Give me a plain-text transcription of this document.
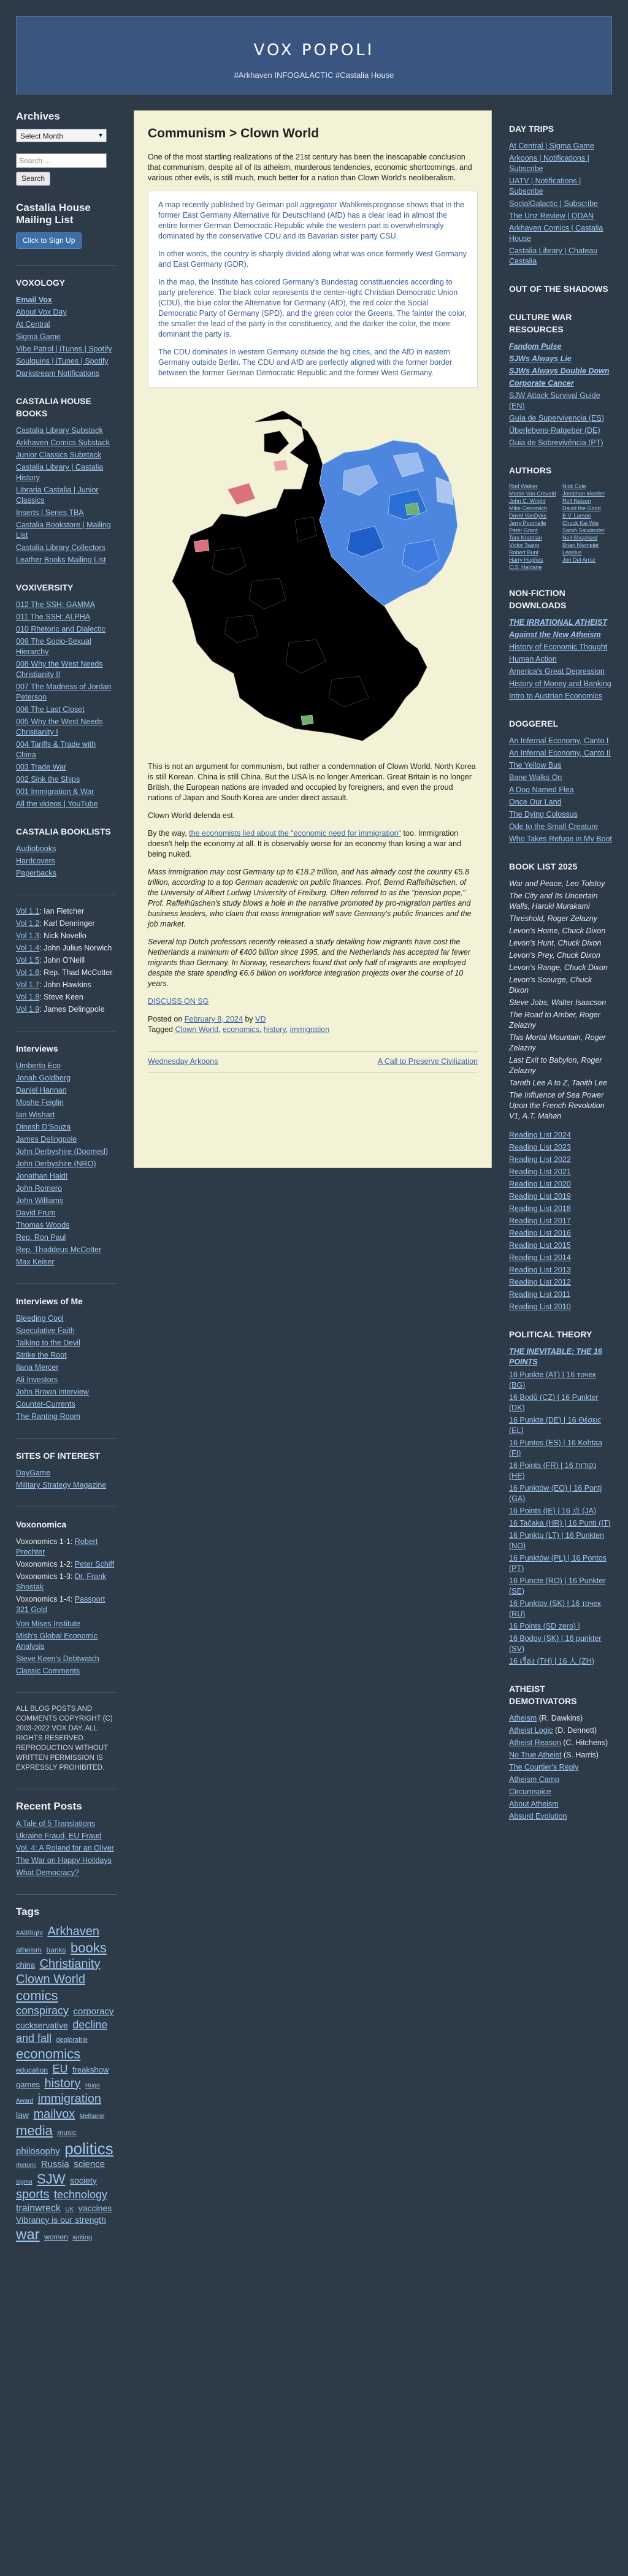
VOX POPOLI
#Arkhaven INFOGALACTIC #Castalia House
Archives
Select Month	▼
Search ...
Search
Castalia House Mailing List
Click to Sign Up
VOXOLOGY
Email Vox
About Vox Day
At Central
Sigma Game
Vibe Patrol | iTunes | Spotify
Soulquins | iTunes | Spotify
Darkstream Notifications
CASTALIA HOUSE BOOKS
Castalia Library Substack
Arkhaven Comics Substack
Junior Classics Substack
Castalia Library | Castalia History
Libraria Castalia | Junior Classics
Inserts | Series TBA
Castalia Bookstore | Mailing List
Castalia Library Collectors
Leather Books Mailing List
VOXIVERSITY
012 The SSH: GAMMA
011 The SSH: ALPHA
010 Rhetoric and Dialectic
009 The Socio-Sexual Hierarchy
008 Why the West Needs Christianity II
007 The Madness of Jordan Peterson
006 The Last Closet
005 Why the West Needs Christianity I
004 Tariffs & Trade with China
003 Trade War
002 Sink the Ships
001 Immigration & War
All the videos | YouTube
CASTALIA BOOKLISTS
Audiobooks
Hardcovers
Paperbacks
Vol 1.1: Ian Fletcher
Vol 1.2: Karl Denninger
Vol 1.3: Nick Novello
Vol 1.4: John Julius Norwich
Vol 1.5: John O'Neill
Vol 1.6: Rep. Thad McCotter
Vol 1.7: John Hawkins
Vol 1.8: Steve Keen
Vol 1.9: James Delingpole
Interviews
Umberto Eco
Jonah Goldberg
Daniel Hannan
Moshe Feiglin
Ian Wishart
Dinesh D'Souza
James Delingpole
John Derbyshire (Doomed)
John Derbyshire (NRO)
Jonathan Haidt
John Romero
John Williams
David Frum
Thomas Woods
Rep. Ron Paul
Rep. Thaddeus McCotter
Max Keiser
Interviews of Me
Bleeding Cool
Speculative Faith
Talking to the Devil
Strike the Root
Ilana Mercer
Ali Investors
John Brown interview
Counter-Currents
The Ranting Room
SITES OF INTEREST
DayGame
Military Strategy Magazine
Voxonomica
Voxonomics 1-1: Robert Prechter
Voxonomics 1-2: Peter Schiff
Voxonomics 1-3: Dr. Frank Shostak
Voxonomics 1-4: Passport 321 Gold
Von Mises Institute
Mish's Global Economic Analysis
Steve Keen's Debtwatch
Classic Comments
ALL BLOG POSTS AND COMMENTS COPYRIGHT (C) 2003-2022 VOX DAY. ALL RIGHTS RESERVED. REPRODUCTION WITHOUT WRITTEN PERMISSION IS EXPRESSLY PROHIBITED.
Recent Posts
A Tale of 5 Translations
Ukraine Fraud, EU Fraud
Vol. 4: A Roland for an Oliver
The War on Happy Holidays
What Democracy?
Tags
#AllRight Arkhaven atheism banks books china Christianity Clown World comics conspiracy corporacy cuckservative decline and fall deplorable economics education EU freakshow games history Hugo Award immigration law mailvox Melhanie media music philosophy politics rhetoric Russia science sigma SJW society sports technology trainwreck UK vaccines Vibrancy is our strength war women writing
Communism > Clown World

One of the most startling realizations of the 21st century has been the inescapable conclusion that communism, despite all of its atheism, murderous tendencies, economic shortcomings, and various other evils, is still much, much better for a nation than Clown World's neoliberalism.

A map recently published by German poll aggregator Wahlkreisprognose shows that in the former East Germany Alternative für Deutschland (AfD) has a clear lead in almost the entire former German Democratic Republic while the western part is overwhelmingly dominated by the conservative CDU and its Bavarian sister party CSU.

In other words, the country is sharply divided along what was once formerly West Germany and East Germany (GDR).

In the map, the Institute has colored Germany's Bundestag constituencies according to party preference. The black color represents the center-right Christian Democratic Union (CDU), the blue color the Alternative for Germany (AfD), the red color the Social Democratic Party of Germany (SPD), and the green color the Greens. The fainter the color, the smaller the lead of the party in the constituency, and the darker the color, the more dominant the party is.

The CDU dominates in western Germany outside the big cities, and the AfD in eastern Germany outside Berlin. The CDU and AfD are perfectly aligned with the former border between the former German Democratic Republic and the former West Germany.

This is not an argument for communism, but rather a condemnation of Clown World. North Korea is still Korean. China is still China. But the USA is no longer American. Great Britain is no longer British, the European nations are invaded and occupied by foreigners, and even the proud nations of Japan and South Korea are under direct assault.

Clown World delenda est.

By the way, the economists lied about the "economic need for immigration" too. Immigration doesn't help the economy at all. It is observably worse for an economy than losing a war and being nuked.

Mass immigration may cost Germany up to €18.2 trillion, and has already cost the country €5.8 trillion, according to a top German academic on public finances. Prof. Bernd Raffelhüschen, of the University of Albert Ludwig University of Freiburg. Often referred to as the "pension pope," Prof. Raffelhüschen's study blows a hole in the narrative promoted by pro-migration parties and business leaders, who claim that mass immigration will save Germany's public finances and the job market.

Several top Dutch professors recently released a study detailing how migrants have cost the Netherlands a minimum of €400 billion since 1995, and the Netherlands has accepted far fewer migrants than Germany. In Norway, researchers found that only half of migrants are employed despite the state spending €6.6 billion on workforce integration projects over the course of 10 years.

DISCUSS ON SG

Posted on February 8, 2024 by VD
Tagged Clown World, economics, history, immigration
Wednesday Arkoons	A Call to Preserve Civilization
DAY TRIPS
At Central | Sigma Game
Arkoons | Notifications | Subscribe
UATV | Notifications | Subscribe
SocialGalactic | Subscribe
The Unz Review | QDAN
Arkhaven Comics | Castalia House
Castalia Library | Chateau Castalia
OUT OF THE SHADOWS
CULTURE WAR RESOURCES
Fandom Pulse
SJWs Always Lie
SJWs Always Double Down
Corporate Cancer
SJW Attack Survival Guide (EN)
Guía de Supervivencia (ES)
Überlebens-Ratgeber (DE)
Guia de Sobrevivência (PT)
AUTHORS
Rod Walker	Nick Cole
Martin Van Creveld	Jonathan Moeller
John C. Wright	Rolf Nelson
Mike Cernovich	David the Good
David VanDyke	B.V. Larson
Jerry Pournelle	Chuck Kai Wie
Peter Grant	Sarah Salviander
Tom Kratman	Neil Shepherd
Victor Tsang	Brian Niemeier
Robert Bunt	Lepidus
Harry Hughes	Jon Del Arroz
C.S. Haldane
NON-FICTION DOWNLOADS
THE IRRATIONAL ATHEIST
Against the New Atheism
History of Economic Thought
Human Action
America's Great Depression
History of Money and Banking
Intro to Austrian Economics
DOGGEREL
An Infernal Economy, Canto I
An Infernal Economy, Canto II
The Yellow Bus
Bane Walks On
A Dog Named Flea
Once Our Land
The Dying Colossus
Ode to the Small Creature
Who Takes Refuge in My Boot
BOOK LIST 2025
War and Peace, Leo Tolstoy
The City and Its Uncertain Walls, Haruki Murakami
Threshold, Roger Zelazny
Levon's Home, Chuck Dixon
Levon's Hunt, Chuck Dixon
Levon's Prey, Chuck Dixon
Levon's Range, Chuck Dixon
Levon's Scourge, Chuck Dixon
Steve Jobs, Walter Isaacson
The Road to Amber, Roger Zelazny
This Mortal Mountain, Roger Zelazny
Last Exit to Babylon, Roger Zelazny
Tarnth Lee A to Z, Tanith Lee
The Influence of Sea Power Upon the French Revolution V1, A.T. Mahan
Reading List 2024
Reading List 2023
Reading List 2022
Reading List 2021
Reading List 2020
Reading List 2019
Reading List 2018
Reading List 2017
Reading List 2016
Reading List 2015
Reading List 2014
Reading List 2013
Reading List 2012
Reading List 2011
Reading List 2010
POLITICAL THEORY
THE INEVITABLE: THE 16 POINTS
16 Punkte (AT) | 16 точек (BG)
16 Bodů (CZ) | 16 Punkter (DK)
16 Punkte (DE) | 16 Θέσεις (EL)
16 Puntos (ES) | 16 Kohtaa (FI)
16 Points (FR) | 16 נקודות (HE)
16 Punktów (EO) | 16 Pontj (GA)
16 Points (IE) | 16 点 (JA)
16 Tačaka (HR) | 16 Punti (IT)
16 Punktų (LT) | 16 Punkten (NO)
16 Punktów (PL) | 16 Pontos (PT)
16 Puncte (RO) | 16 Punkter (SE)
16 Punktov (SK) | 16 точек (RU)
16 Points (SD zero) |
16 Bodov (SK) | 16 punkter (SV)
16 เรื่อง (TH) | 16 人 (ZH)
ATHEIST DEMOTIVATORS
Atheism (R. Dawkins)
Atheist Logic (D. Dennett)
Atheist Reason (C. Hitchens)
No True Atheist (S. Harris)
The Courtier's Reply
Atheism Camp
Circumspice
About Atheism
Absurd Evolution
